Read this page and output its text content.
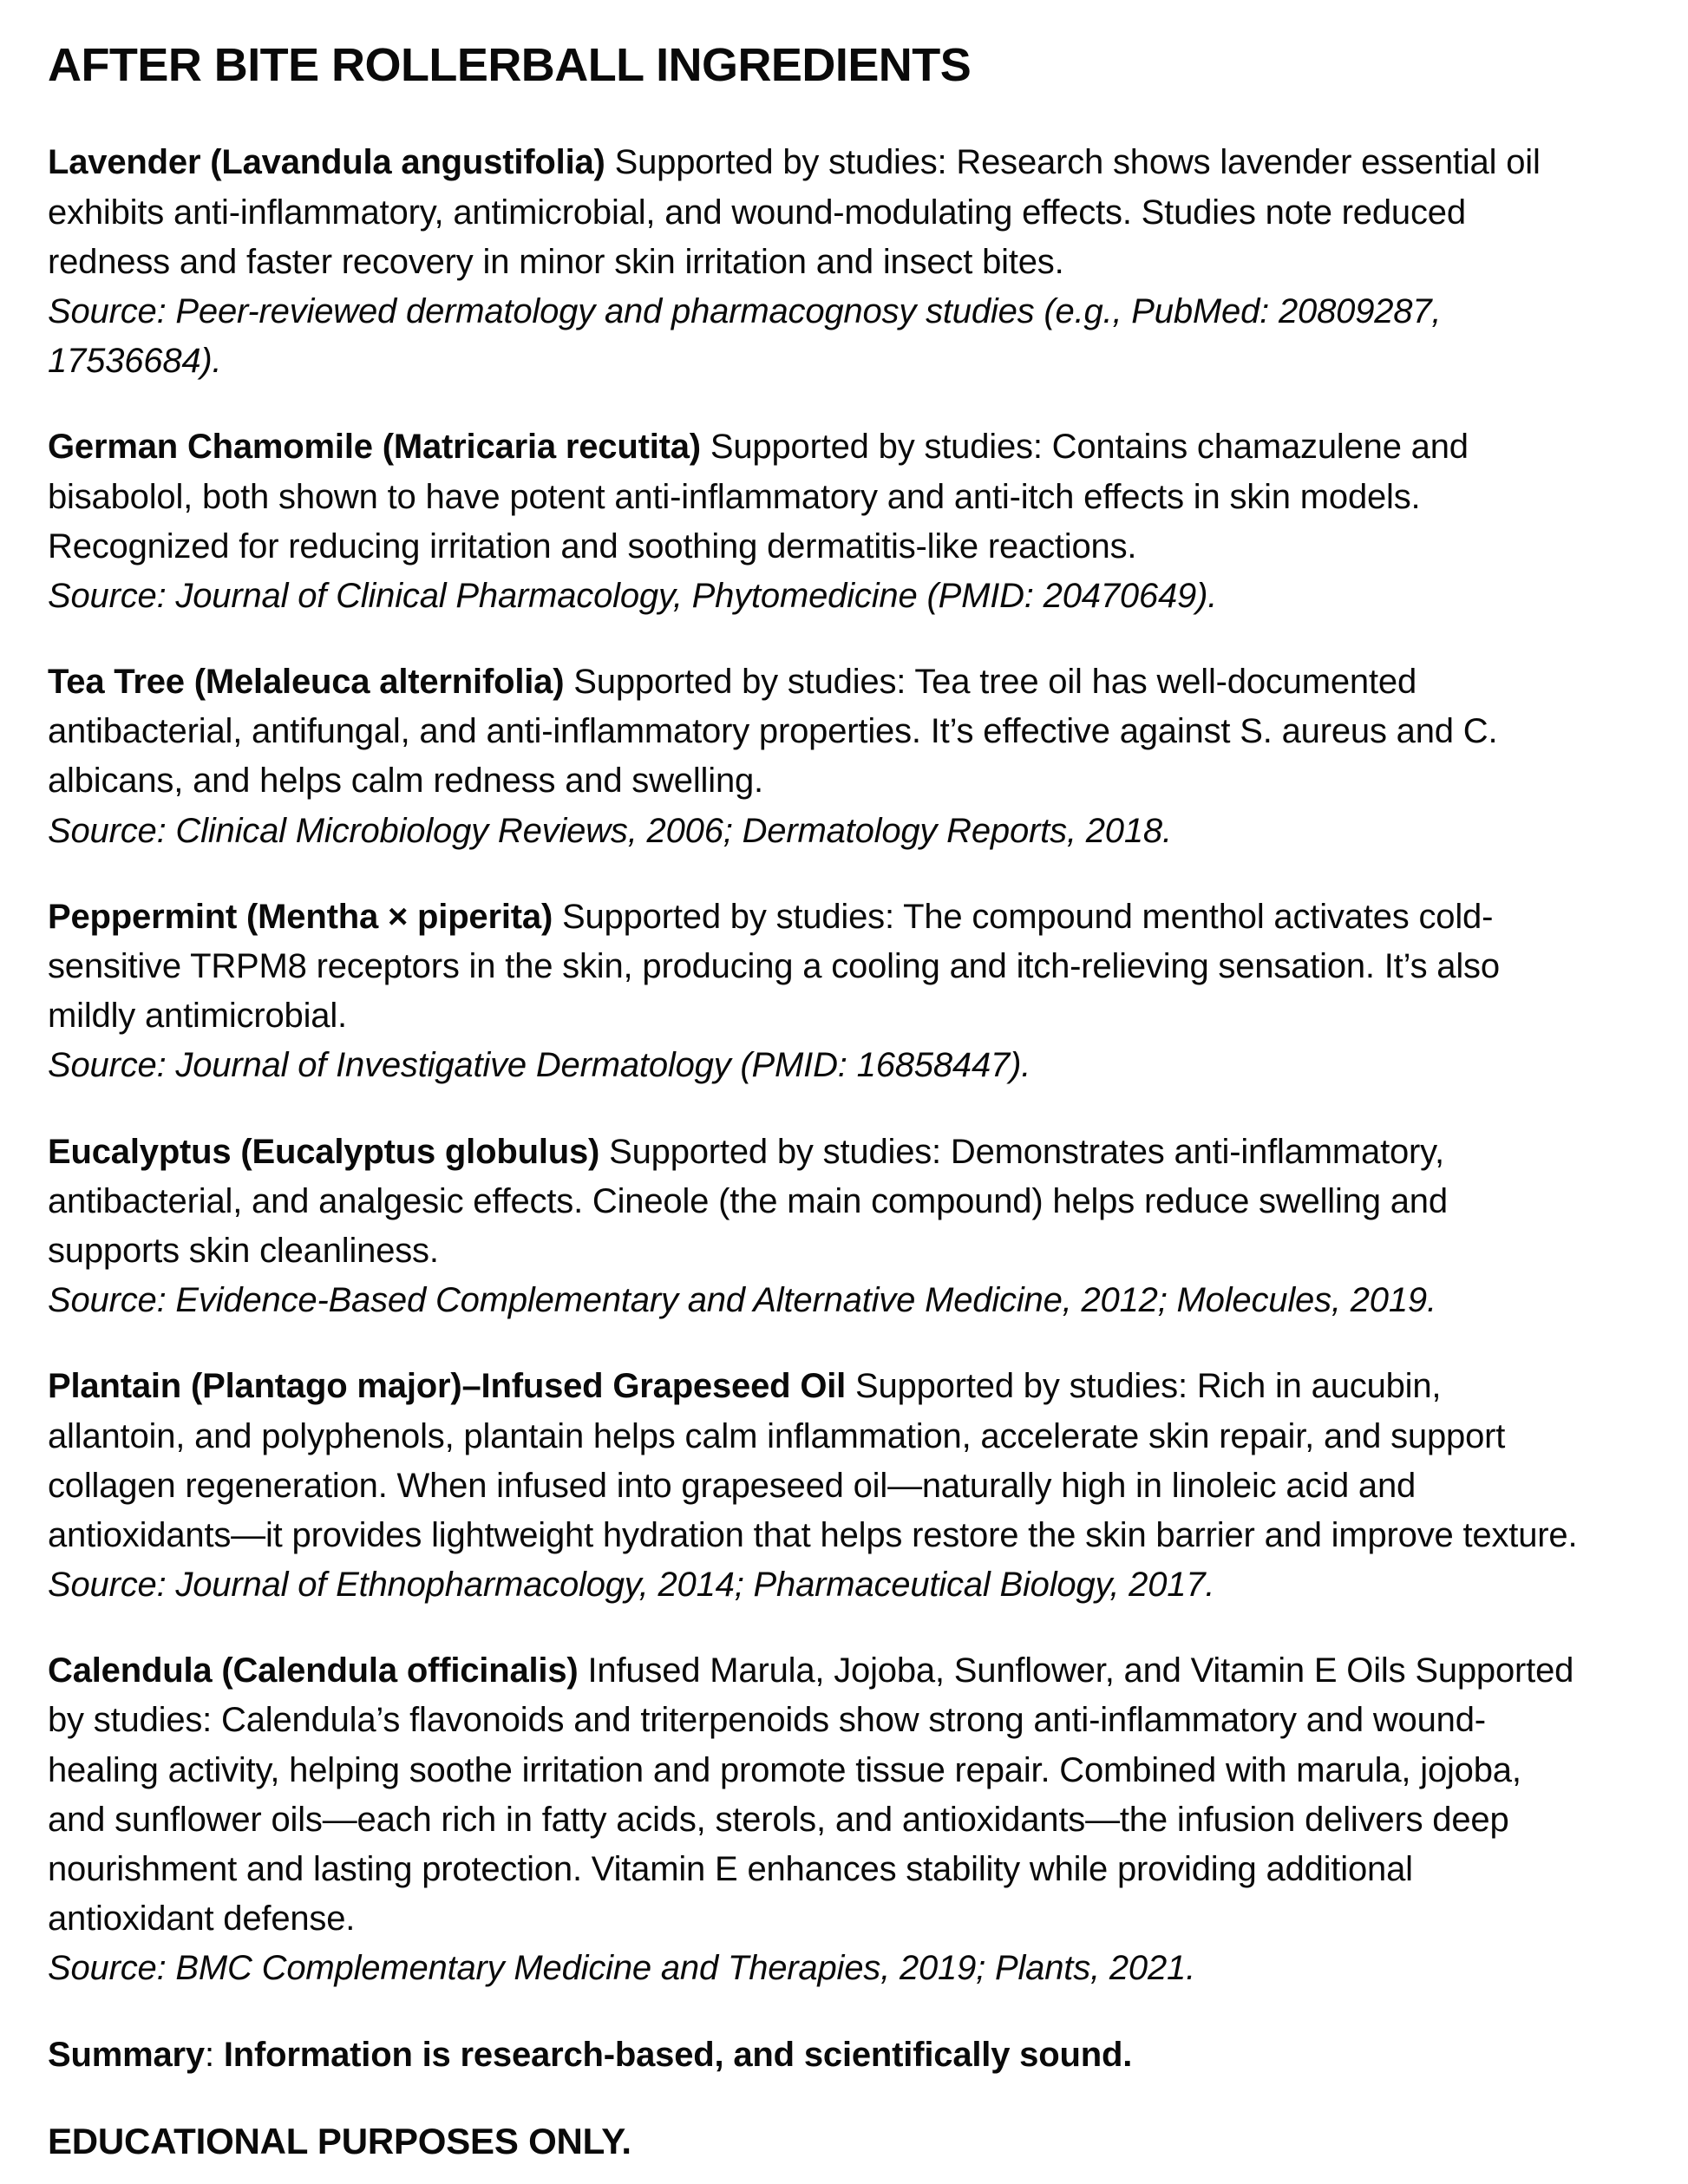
AFTER BITE ROLLERBALL INGREDIENTS

Lavender (Lavandula angustifolia) Supported by studies: Research shows lavender essential oil exhibits anti-inflammatory, antimicrobial, and wound-modulating effects. Studies note reduced redness and faster recovery in minor skin irritation and insect bites.
Source: Peer-reviewed dermatology and pharmacognosy studies (e.g., PubMed: 20809287, 17536684).

German Chamomile (Matricaria recutita) Supported by studies: Contains chamazulene and bisabolol, both shown to have potent anti-inflammatory and anti-itch effects in skin models. Recognized for reducing irritation and soothing dermatitis-like reactions.
Source: Journal of Clinical Pharmacology, Phytomedicine (PMID: 20470649).

Tea Tree (Melaleuca alternifolia) Supported by studies: Tea tree oil has well-documented antibacterial, antifungal, and anti-inflammatory properties. It’s effective against S. aureus and C. albicans, and helps calm redness and swelling.
Source: Clinical Microbiology Reviews, 2006; Dermatology Reports, 2018.

Peppermint (Mentha × piperita) Supported by studies: The compound menthol activates cold-sensitive TRPM8 receptors in the skin, producing a cooling and itch-relieving sensation. It’s also mildly antimicrobial.
Source: Journal of Investigative Dermatology (PMID: 16858447).

Eucalyptus (Eucalyptus globulus) Supported by studies: Demonstrates anti-inflammatory, antibacterial, and analgesic effects. Cineole (the main compound) helps reduce swelling and supports skin cleanliness.
Source: Evidence-Based Complementary and Alternative Medicine, 2012; Molecules, 2019.

Plantain (Plantago major)–Infused Grapeseed Oil Supported by studies: Rich in aucubin, allantoin, and polyphenols, plantain helps calm inflammation, accelerate skin repair, and support collagen regeneration. When infused into grapeseed oil—naturally high in linoleic acid and antioxidants—it provides lightweight hydration that helps restore the skin barrier and improve texture.
Source: Journal of Ethnopharmacology, 2014; Pharmaceutical Biology, 2017.

Calendula (Calendula officinalis) Infused Marula, Jojoba, Sunflower, and Vitamin E Oils Supported by studies: Calendula’s flavonoids and triterpenoids show strong anti-inflammatory and wound-healing activity, helping soothe irritation and promote tissue repair. Combined with marula, jojoba, and sunflower oils—each rich in fatty acids, sterols, and antioxidants—the infusion delivers deep nourishment and lasting protection. Vitamin E enhances stability while providing additional antioxidant defense.
Source: BMC Complementary Medicine and Therapies, 2019; Plants, 2021.

Summary: Information is research-based, and scientifically sound.

EDUCATIONAL PURPOSES ONLY.
